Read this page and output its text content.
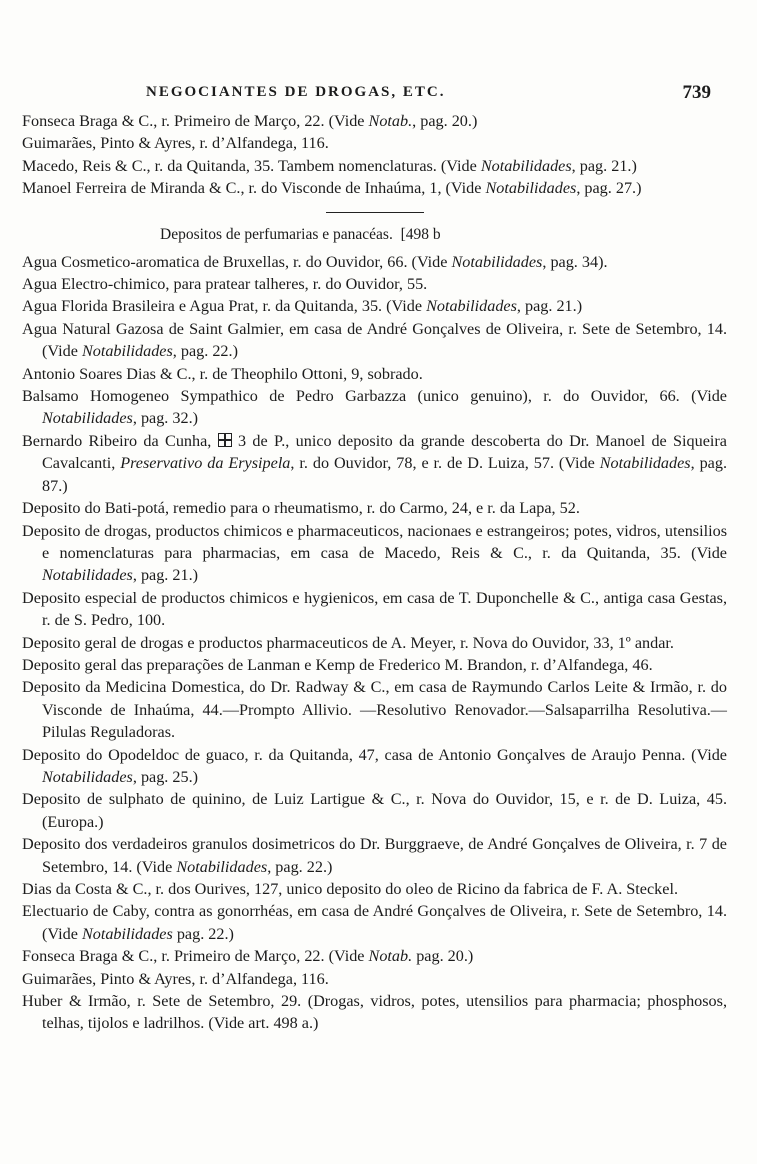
NEGOCIANTES DE DROGAS, ETC.	739

Fonseca Braga & C., r. Primeiro de Março, 22. (Vide Notab., pag. 20.)

Guimarães, Pinto & Ayres, r. d’Alfandega, 116.

Macedo, Reis & C., r. da Quitanda, 35. Tambem nomenclaturas. (Vide Notabilidades, pag. 21.)

Manoel Ferreira de Miranda & C., r. do Visconde de Inhaúma, 1, (Vide Notabilidades, pag. 27.)

Depositos de perfumarias e panacéas. [498 b

Agua Cosmetico-aromatica de Bruxellas, r. do Ouvidor, 66. (Vide Notabilidades, pag. 34).

Agua Electro-chimico, para pratear talheres, r. do Ouvidor, 55.

Agua Florida Brasileira e Agua Prat, r. da Quitanda, 35. (Vide Notabilidades, pag. 21.)

Agua Natural Gazosa de Saint Galmier, em casa de André Gonçalves de Oliveira, r. Sete de Setembro, 14. (Vide Notabilidades, pag. 22.)

Antonio Soares Dias & C., r. de Theophilo Ottoni, 9, sobrado.

Balsamo Homogeneo Sympathico de Pedro Garbazza (unico genuino), r. do Ouvidor, 66. (Vide Notabilidades, pag. 32.)

Bernardo Ribeiro da Cunha,  3 de P., unico deposito da grande descoberta do Dr. Manoel de Siqueira Cavalcanti, Preservativo da Erysipela, r. do Ouvidor, 78, e r. de D. Luiza, 57. (Vide Notabilidades, pag. 87.)

Deposito do Bati-potá, remedio para o rheumatismo, r. do Carmo, 24, e r. da Lapa, 52.

Deposito de drogas, productos chimicos e pharmaceuticos, nacionaes e estrangeiros; potes, vidros, utensilios e nomenclaturas para pharmacias, em casa de Macedo, Reis & C., r. da Quitanda, 35. (Vide Notabilidades, pag. 21.)

Deposito especial de productos chimicos e hygienicos, em casa de T. Duponchelle & C., antiga casa Gestas, r. de S. Pedro, 100.

Deposito geral de drogas e productos pharmaceuticos de A. Meyer, r. Nova do Ouvidor, 33, 1º andar.

Deposito geral das preparações de Lanman e Kemp de Frederico M. Brandon, r. d’Alfandega, 46.

Deposito da Medicina Domestica, do Dr. Radway & C., em casa de Raymundo Carlos Leite & Irmão, r. do Visconde de Inhaúma, 44.—Prompto Allivio. —Resolutivo Renovador.—Salsaparrilha Resolutiva.—Pilulas Reguladoras.

Deposito do Opodeldoc de guaco, r. da Quitanda, 47, casa de Antonio Gonçalves de Araujo Penna. (Vide Notabilidades, pag. 25.)

Deposito de sulphato de quinino, de Luiz Lartigue & C., r. Nova do Ouvidor, 15, e r. de D. Luiza, 45. (Europa.)

Deposito dos verdadeiros granulos dosimetricos do Dr. Burggraeve, de André Gonçalves de Oliveira, r. 7 de Setembro, 14. (Vide Notabilidades, pag. 22.)

Dias da Costa & C., r. dos Ourives, 127, unico deposito do oleo de Ricino da fabrica de F. A. Steckel.

Electuario de Caby, contra as gonorrhéas, em casa de André Gonçalves de Oliveira, r. Sete de Setembro, 14. (Vide Notabilidades pag. 22.)

Fonseca Braga & C., r. Primeiro de Março, 22. (Vide Notab. pag. 20.)

Guimarães, Pinto & Ayres, r. d’Alfandega, 116.

Huber & Irmão, r. Sete de Setembro, 29. (Drogas, vidros, potes, utensilios para pharmacia; phosphosos, telhas, tijolos e ladrilhos. (Vide art. 498 a.)
